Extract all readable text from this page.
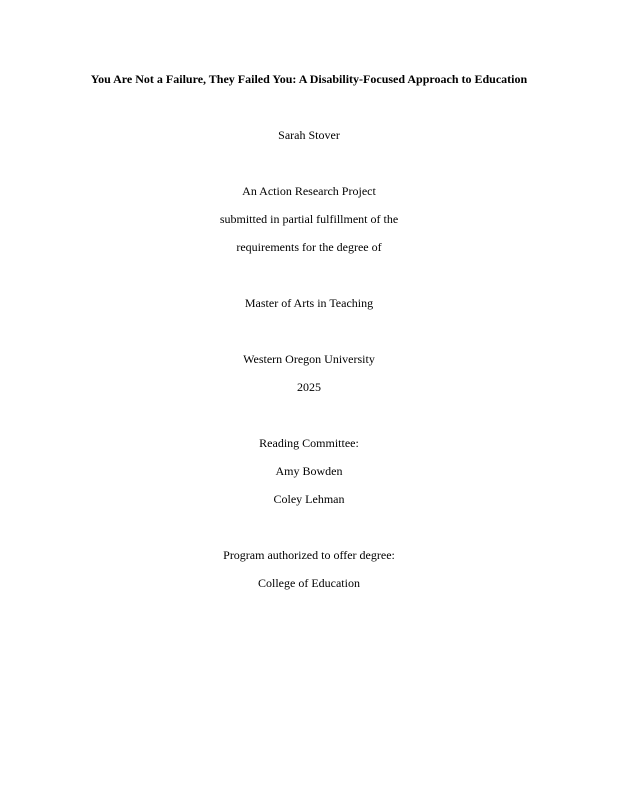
You Are Not a Failure, They Failed You: A Disability-Focused Approach to Education
Sarah Stover
An Action Research Project
submitted in partial fulfillment of the
requirements for the degree of
Master of Arts in Teaching
Western Oregon University
2025
Reading Committee:
Amy Bowden
Coley Lehman
Program authorized to offer degree:
College of Education
